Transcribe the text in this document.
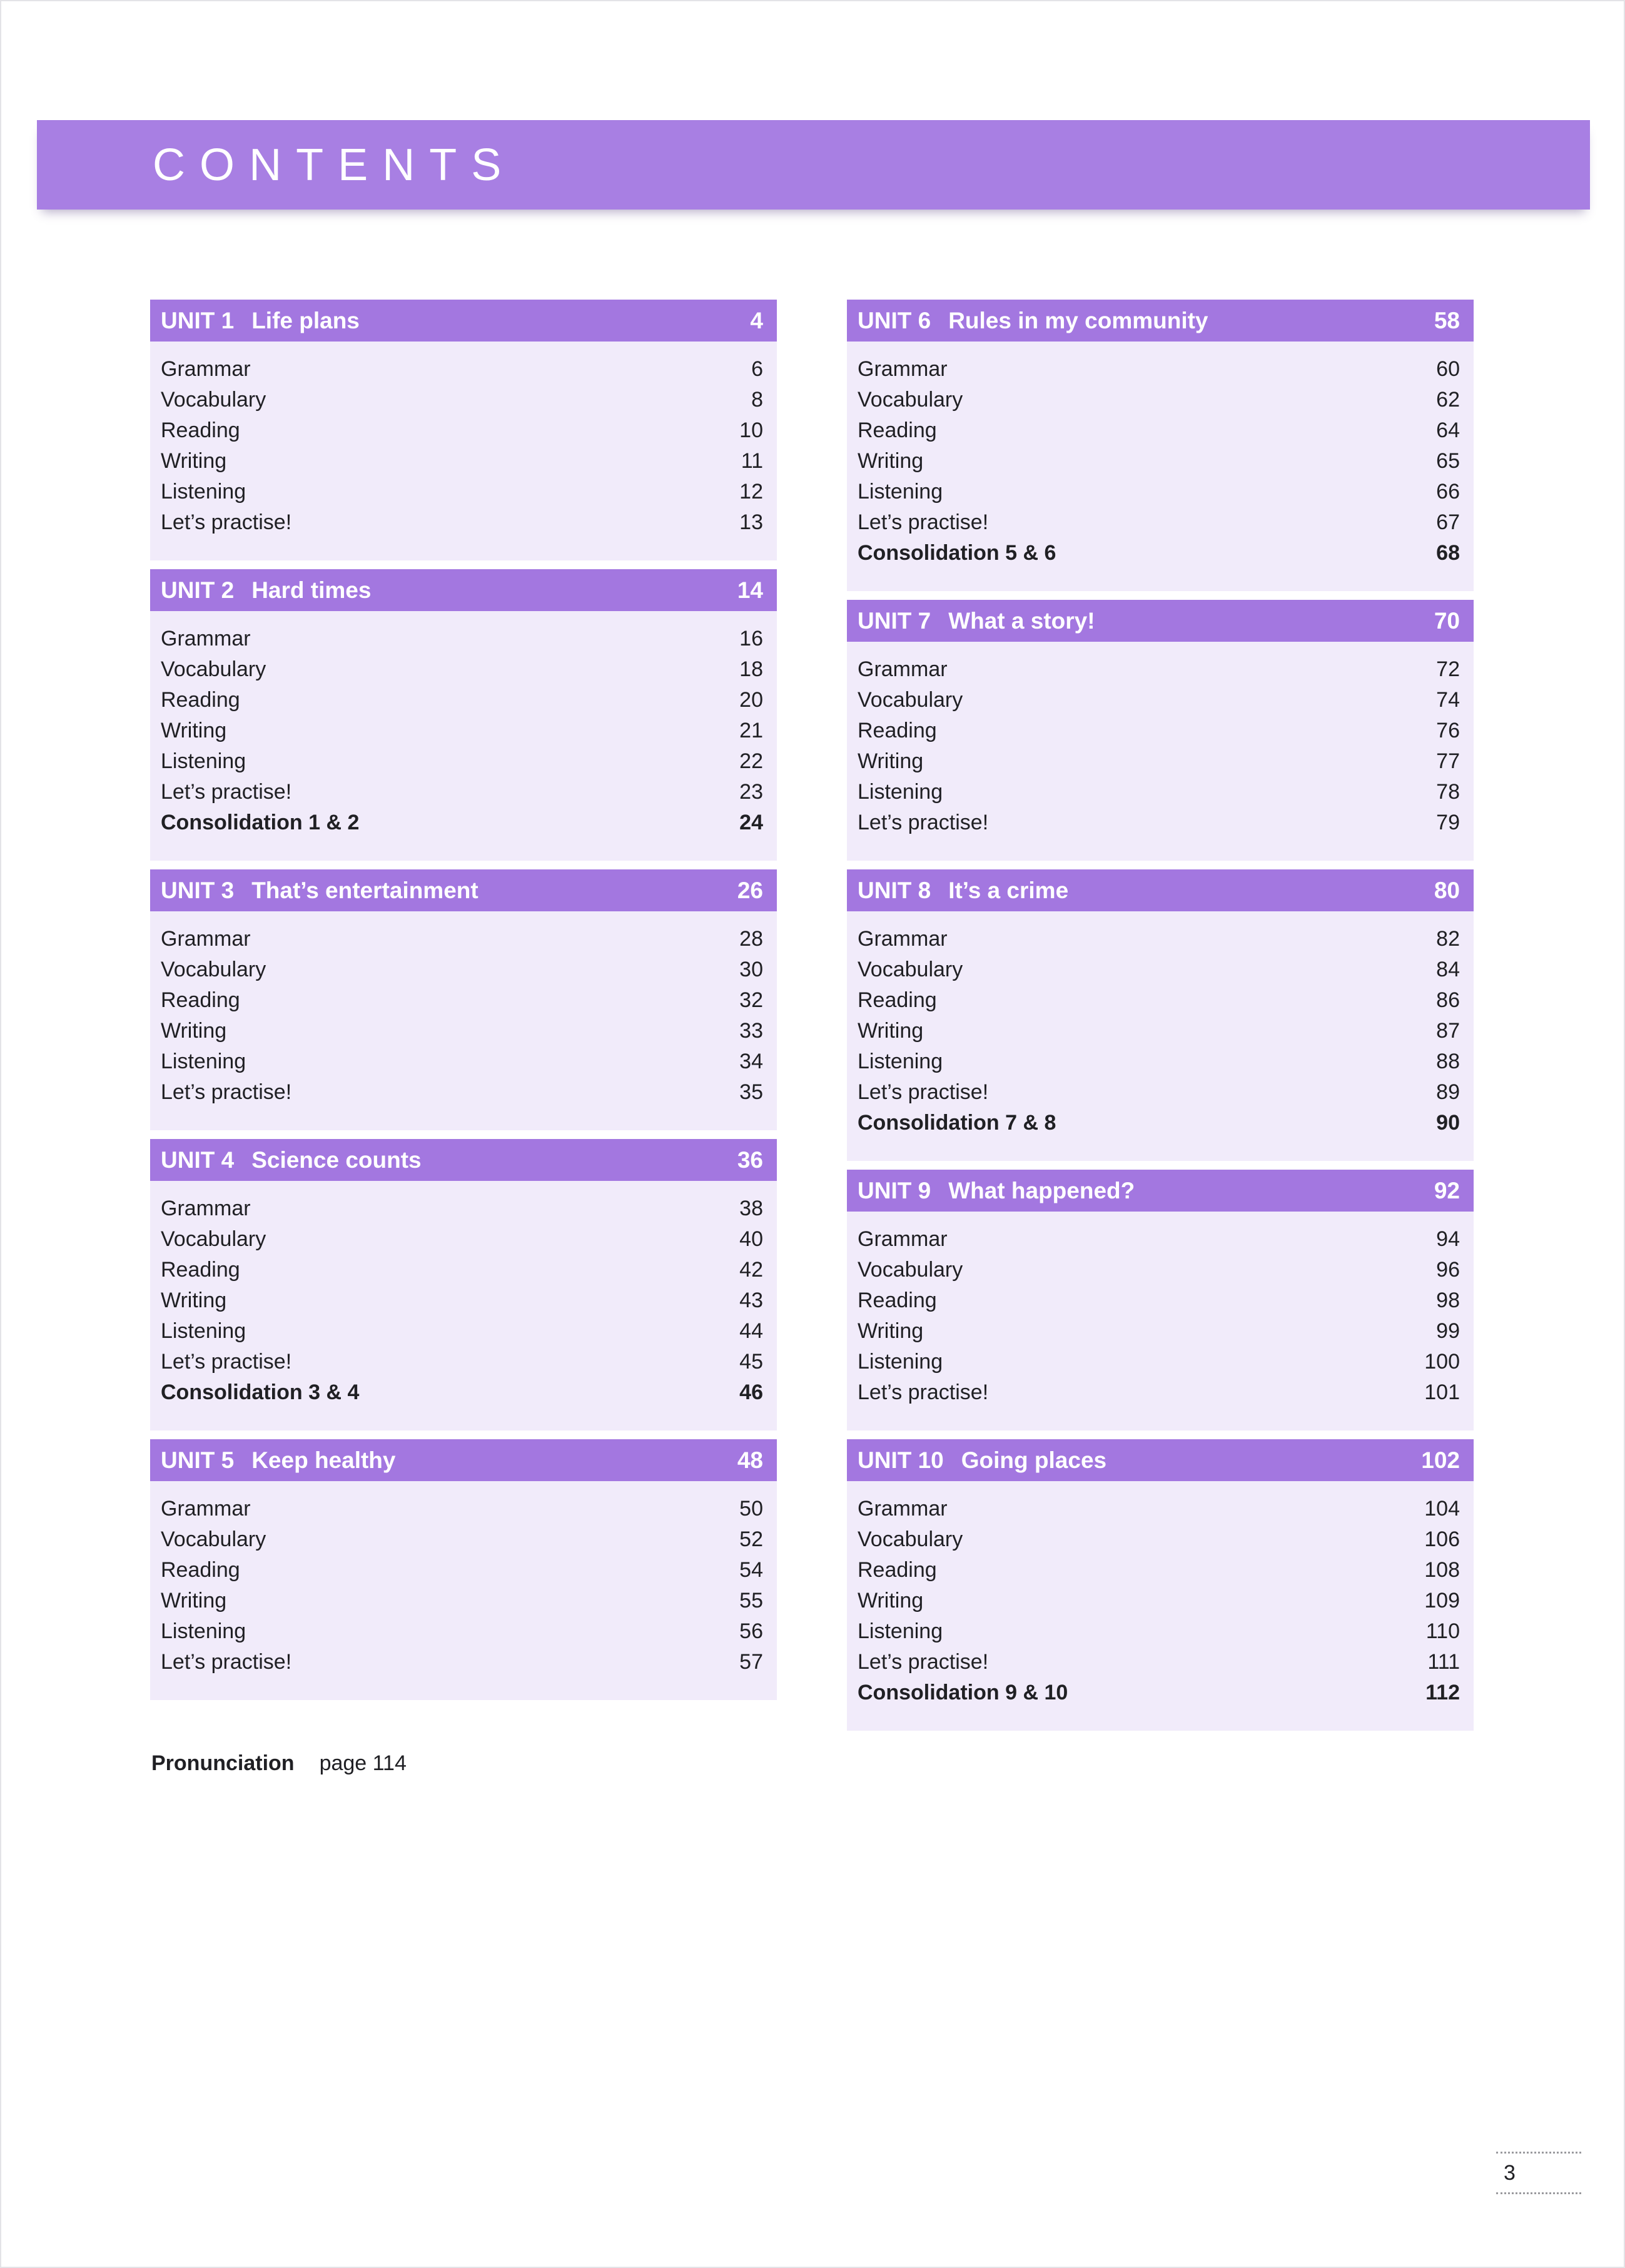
CONTENTS
UNIT 1 Life plans	4
Grammar	6
Vocabulary	8
Reading	10
Writing	11
Listening	12
Let’s practise!	13
UNIT 2 Hard times	14
Grammar	16
Vocabulary	18
Reading	20
Writing	21
Listening	22
Let’s practise!	23
Consolidation 1 & 2	24
UNIT 3 That’s entertainment	26
Grammar	28
Vocabulary	30
Reading	32
Writing	33
Listening	34
Let’s practise!	35
UNIT 4 Science counts	36
Grammar	38
Vocabulary	40
Reading	42
Writing	43
Listening	44
Let’s practise!	45
Consolidation 3 & 4	46
UNIT 5 Keep healthy	48
Grammar	50
Vocabulary	52
Reading	54
Writing	55
Listening	56
Let’s practise!	57
UNIT 6 Rules in my community	58
Grammar	60
Vocabulary	62
Reading	64
Writing	65
Listening	66
Let’s practise!	67
Consolidation 5 & 6	68
UNIT 7 What a story!	70
Grammar	72
Vocabulary	74
Reading	76
Writing	77
Listening	78
Let’s practise!	79
UNIT 8 It’s a crime	80
Grammar	82
Vocabulary	84
Reading	86
Writing	87
Listening	88
Let’s practise!	89
Consolidation 7 & 8	90
UNIT 9 What happened?	92
Grammar	94
Vocabulary	96
Reading	98
Writing	99
Listening	100
Let’s practise!	101
UNIT 10 Going places	102
Grammar	104
Vocabulary	106
Reading	108
Writing	109
Listening	110
Let’s practise!	111
Consolidation 9 & 10	112
Pronunciation page 114
3
